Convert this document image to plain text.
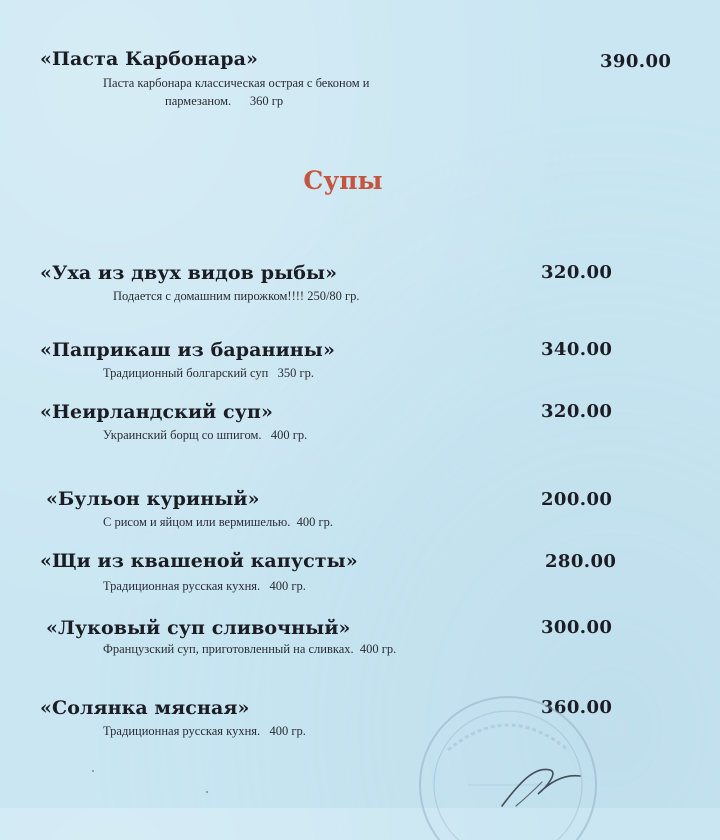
«Паста Карбонара»	390.00
Паста карбонара классическая острая с беконом и
пармезаном.      360 гр
Супы
«Уха из двух видов рыбы»	320.00
Подается с домашним пирожком!!!! 250/80 гр.
«Паприкаш из баранины»	340.00
Традиционный болгарский суп   350 гр.
«Неирландский суп»	320.00
Украинский борщ со шпигом.   400 гр.
«Бульон куриный»	200.00
С рисом и яйцом или вермишелью.  400 гр.
«Щи из квашеной капусты»	280.00
Традиционная русская кухня.   400 гр.
«Луковый суп сливочный»	300.00
Французский суп, приготовленный на сливках.  400 гр.
«Солянка мясная»	360.00
Традиционная русская кухня.   400 гр.
